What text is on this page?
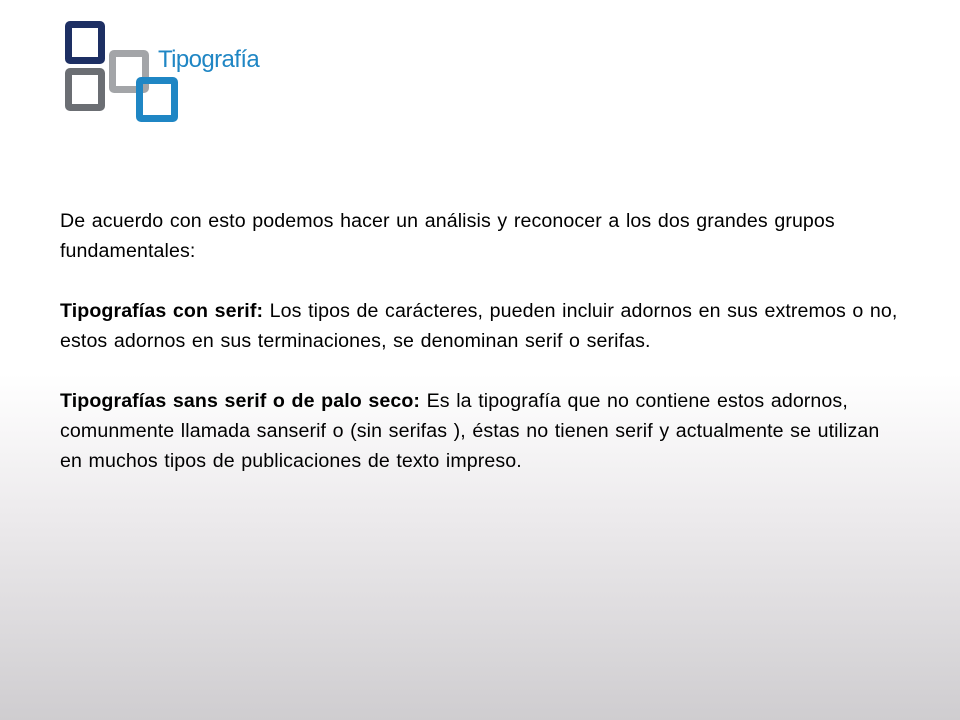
Tipografía

De acuerdo con esto podemos hacer un análisis y reconocer a los dos grandes grupos fundamentales:

Tipografías con serif: Los tipos de carácteres, pueden incluir adornos en sus extremos o no, estos adornos en sus terminaciones, se denominan serif o serifas.

Tipografías sans serif o de palo seco: Es la tipografía que no contiene estos adornos, comunmente llamada sanserif o (sin serifas ), éstas no tienen serif y actualmente se utilizan en muchos tipos de publicaciones de texto impreso.
